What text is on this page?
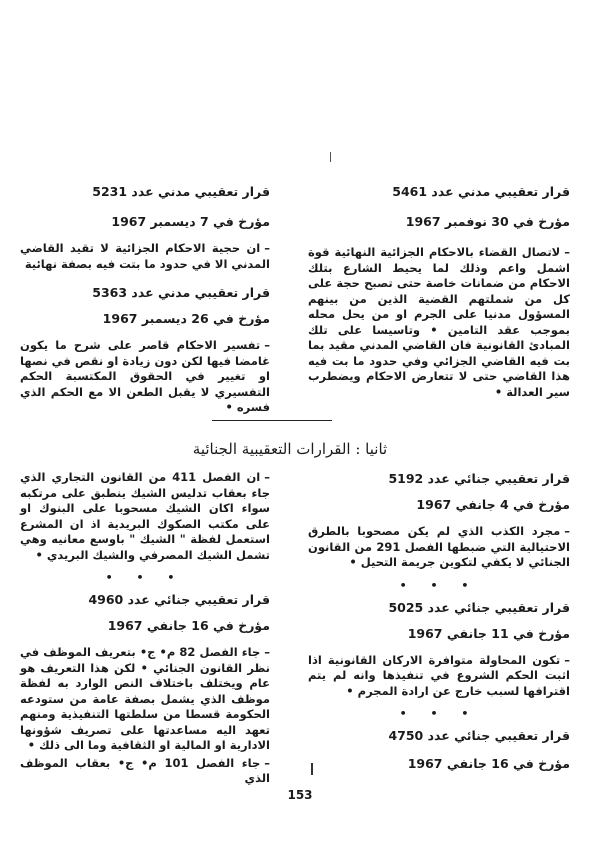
قرار تعقيبي مدني عدد 5461
مؤرخ في 30 نوفمبر 1967
–لاتصال القضاء بالاحكام الجزائية النهائية قوة اشمل واعم وذلك لما يحيط الشارع بتلك الاحكام من ضمانات خاصة حتى تصبح حجة على كل من شملتهم القضية الذين من بينهم المسؤول مدنيا على الجرم او من يحل محله بموجب عقد التامين • وتاسيسا على تلك المبادئ القانونية فان القاضي المدني مقيد بما بت فيه القاضي الجزائي وفي حدود ما بت فيه هذا القاضي حتى لا تتعارض الاحكام ويضطرب سير العدالة •
قرار تعقيبي مدني عدد 5231
مؤرخ في 7 ديسمبر 1967
–ان حجية الاحكام الجزائية لا تقيد القاضي المدني الا في حدود ما بتت فيه بصفة نهائية
قرار تعقيبي مدني عدد 5363
مؤرخ في 26 ديسمبر 1967
–تفسير الاحكام قاصر على شرح ما يكون غامضا فيها لكن دون زيادة او نقص في نصها او تغيير في الحقوق المكتسبة الحكم التفسيري لا يقبل الطعن الا مع الحكم الذي فسره •
ثانيا : القرارات التعقيبية الجنائية
قرار تعقيبي جنائي عدد 5192
مؤرخ في 4 جانفي 1967
–مجرد الكذب الذي لم يكن مصحوبا بالطرق الاحتيالية التي ضبطها الفصل 291 من القانون الجنائي لا يكفي لتكوين جريمة التحيل •
• • •
قرار تعقيبي جنائي عدد 5025
مؤرخ في 11 جانفي 1967
–تكون المحاولة متوافرة الاركان القانونية اذا اثبت الحكم الشروع في تنفيذها وانه لم يتم اقترافها لسبب خارج عن ارادة المجرم •
• • •
قرار تعقيبي جنائي عدد 4750
مؤرخ في 16 جانفي 1967
–ان الفصل 411 من القانون التجاري الذي جاء بعقاب تدليس الشيك ينطبق على مرتكبه سواء اكان الشيك مسحوبا على البنوك او على مكتب الصكوك البريدية اذ ان المشرع استعمل لفظة " الشيك " باوسع معانيه وهي تشمل الشيك المصرفي والشيك البريدي •
• • •
قرار تعقيبي جنائي عدد 4960
مؤرخ في 16 جانفي 1967
–جاء الفصل 82 م• ج• بتعريف الموظف في نظر القانون الجنائي • لكن هذا التعريف هو عام ويختلف باختلاف النص الوارد به لفظة موظف الذي يشمل بصفة عامة من ستودعه الحكومة قسطا من سلطتها التنفيذية ومنهم تعهد اليه مساعدتها على تصريف شؤونها الادارية او المالية او الثقافية وما الى ذلك •
–جاء الفصل 101 م• ج• بعقاب الموظف الذي
153
